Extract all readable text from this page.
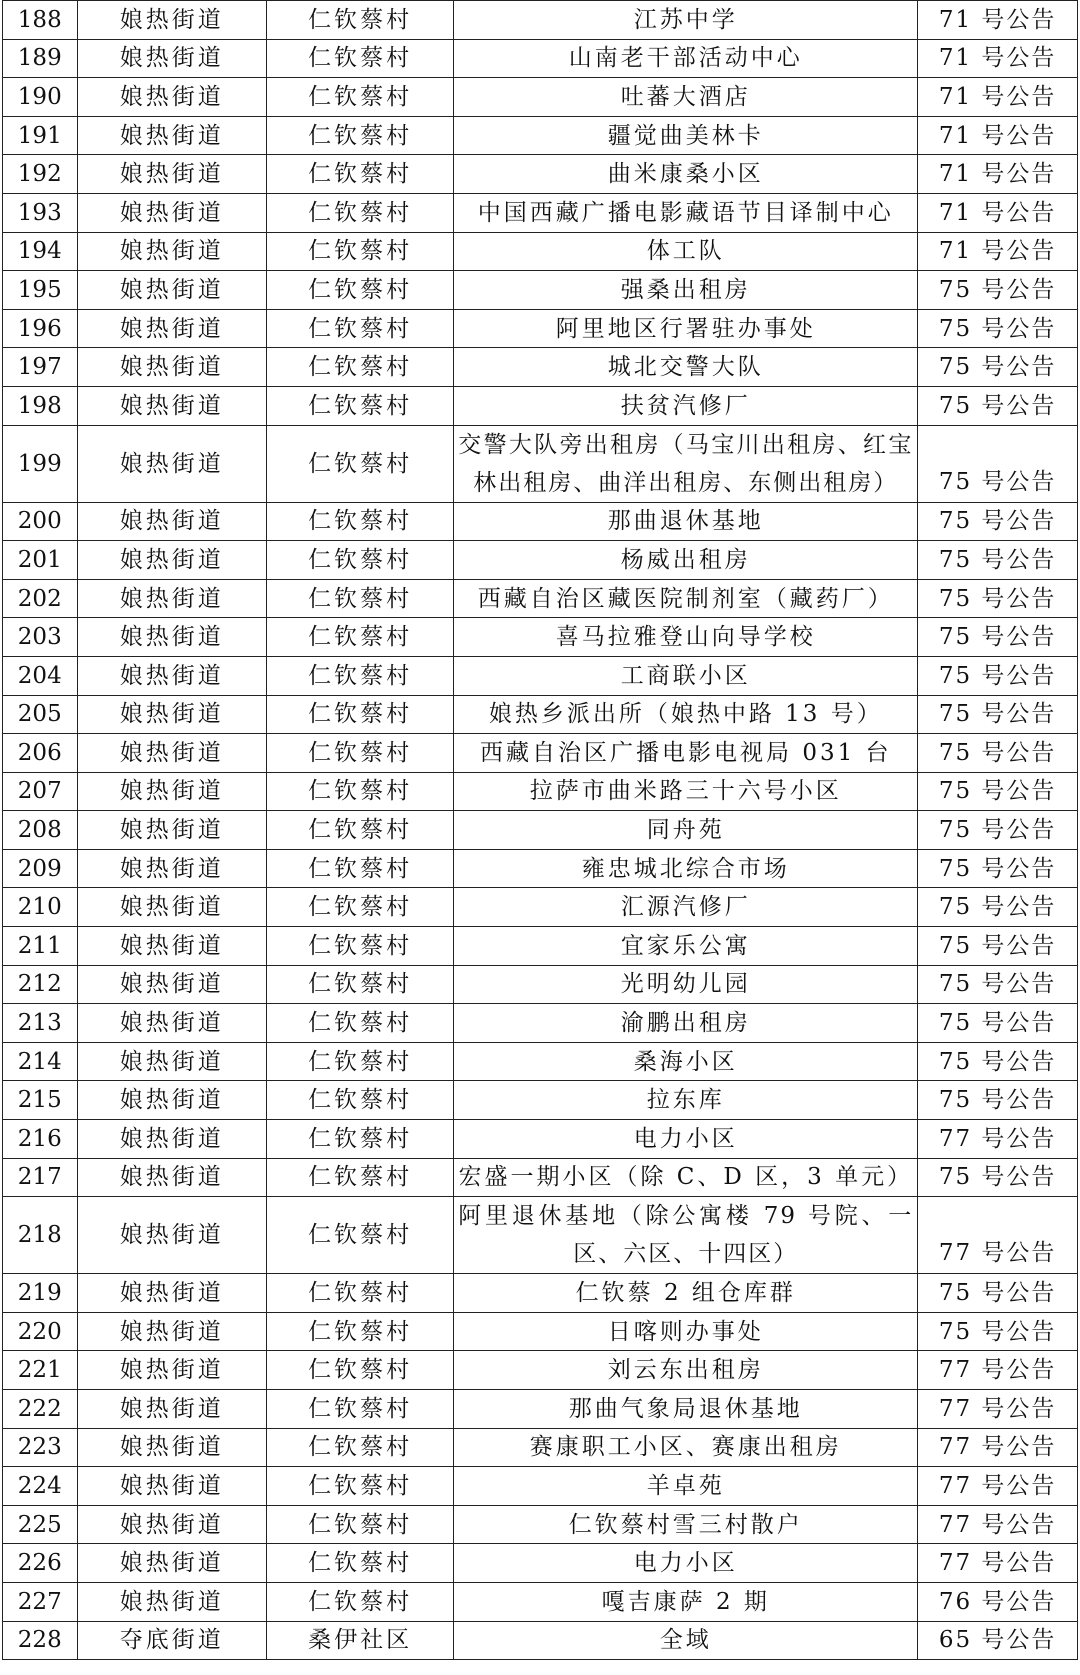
188	娘热街道	仁钦蔡村	江苏中学	71 号公告
189	娘热街道	仁钦蔡村	山南老干部活动中心	71 号公告
190	娘热街道	仁钦蔡村	吐蕃大酒店	71 号公告
191	娘热街道	仁钦蔡村	疆觉曲美林卡	71 号公告
192	娘热街道	仁钦蔡村	曲米康桑小区	71 号公告
193	娘热街道	仁钦蔡村	中国西藏广播电影藏语节目译制中心	71 号公告
194	娘热街道	仁钦蔡村	体工队	71 号公告
195	娘热街道	仁钦蔡村	强桑出租房	75 号公告
196	娘热街道	仁钦蔡村	阿里地区行署驻办事处	75 号公告
197	娘热街道	仁钦蔡村	城北交警大队	75 号公告
198	娘热街道	仁钦蔡村	扶贫汽修厂	75 号公告
199	娘热街道	仁钦蔡村	交警大队旁出租房（马宝川出租房、红宝林出租房、曲洋出租房、东侧出租房）	75 号公告
200	娘热街道	仁钦蔡村	那曲退休基地	75 号公告
201	娘热街道	仁钦蔡村	杨威出租房	75 号公告
202	娘热街道	仁钦蔡村	西藏自治区藏医院制剂室（藏药厂）	75 号公告
203	娘热街道	仁钦蔡村	喜马拉雅登山向导学校	75 号公告
204	娘热街道	仁钦蔡村	工商联小区	75 号公告
205	娘热街道	仁钦蔡村	娘热乡派出所（娘热中路 13 号）	75 号公告
206	娘热街道	仁钦蔡村	西藏自治区广播电影电视局 031 台	75 号公告
207	娘热街道	仁钦蔡村	拉萨市曲米路三十六号小区	75 号公告
208	娘热街道	仁钦蔡村	同舟苑	75 号公告
209	娘热街道	仁钦蔡村	雍忠城北综合市场	75 号公告
210	娘热街道	仁钦蔡村	汇源汽修厂	75 号公告
211	娘热街道	仁钦蔡村	宜家乐公寓	75 号公告
212	娘热街道	仁钦蔡村	光明幼儿园	75 号公告
213	娘热街道	仁钦蔡村	渝鹏出租房	75 号公告
214	娘热街道	仁钦蔡村	桑海小区	75 号公告
215	娘热街道	仁钦蔡村	拉东库	75 号公告
216	娘热街道	仁钦蔡村	电力小区	77 号公告
217	娘热街道	仁钦蔡村	宏盛一期小区（除 C、D 区，3 单元）	75 号公告
218	娘热街道	仁钦蔡村	阿里退休基地（除公寓楼 79 号院、一区、六区、十四区）	77 号公告
219	娘热街道	仁钦蔡村	仁钦蔡 2 组仓库群	75 号公告
220	娘热街道	仁钦蔡村	日喀则办事处	75 号公告
221	娘热街道	仁钦蔡村	刘云东出租房	77 号公告
222	娘热街道	仁钦蔡村	那曲气象局退休基地	77 号公告
223	娘热街道	仁钦蔡村	赛康职工小区、赛康出租房	77 号公告
224	娘热街道	仁钦蔡村	羊卓苑	77 号公告
225	娘热街道	仁钦蔡村	仁钦蔡村雪三村散户	77 号公告
226	娘热街道	仁钦蔡村	电力小区	77 号公告
227	娘热街道	仁钦蔡村	嘎吉康萨 2 期	76 号公告
228	夺底街道	桑伊社区	全域	65 号公告
